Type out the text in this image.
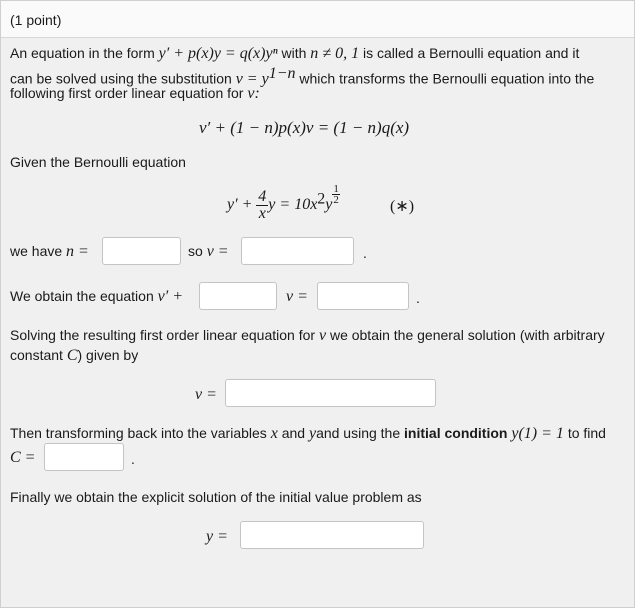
(1 point)
An equation in the form y′ + p(x)y = q(x)yⁿ with n ≠ 0, 1 is called a Bernoulli equation and it
can be solved using the substitution $v = y^{1-n}$ which transforms the Bernoulli equation into the
following first order linear equation for v:
v′ + (1 − n)p(x)v = (1 − n)q(x)
Given the Bernoulli equation
$y' + \frac{4}{x}$ $y = 10x^2y \frac{1}{2}$
(∗)
we have n =	so v =	.
We obtain the equation v′ +	v =	.
Solving the resulting first order linear equation for v we obtain the general solution (with arbitrary
constant C) given by
v =
Then transforming back into the variables x and yand using the initial condition y(1) = 1 to find
C =	.
Finally we obtain the explicit solution of the initial value problem as
y =
